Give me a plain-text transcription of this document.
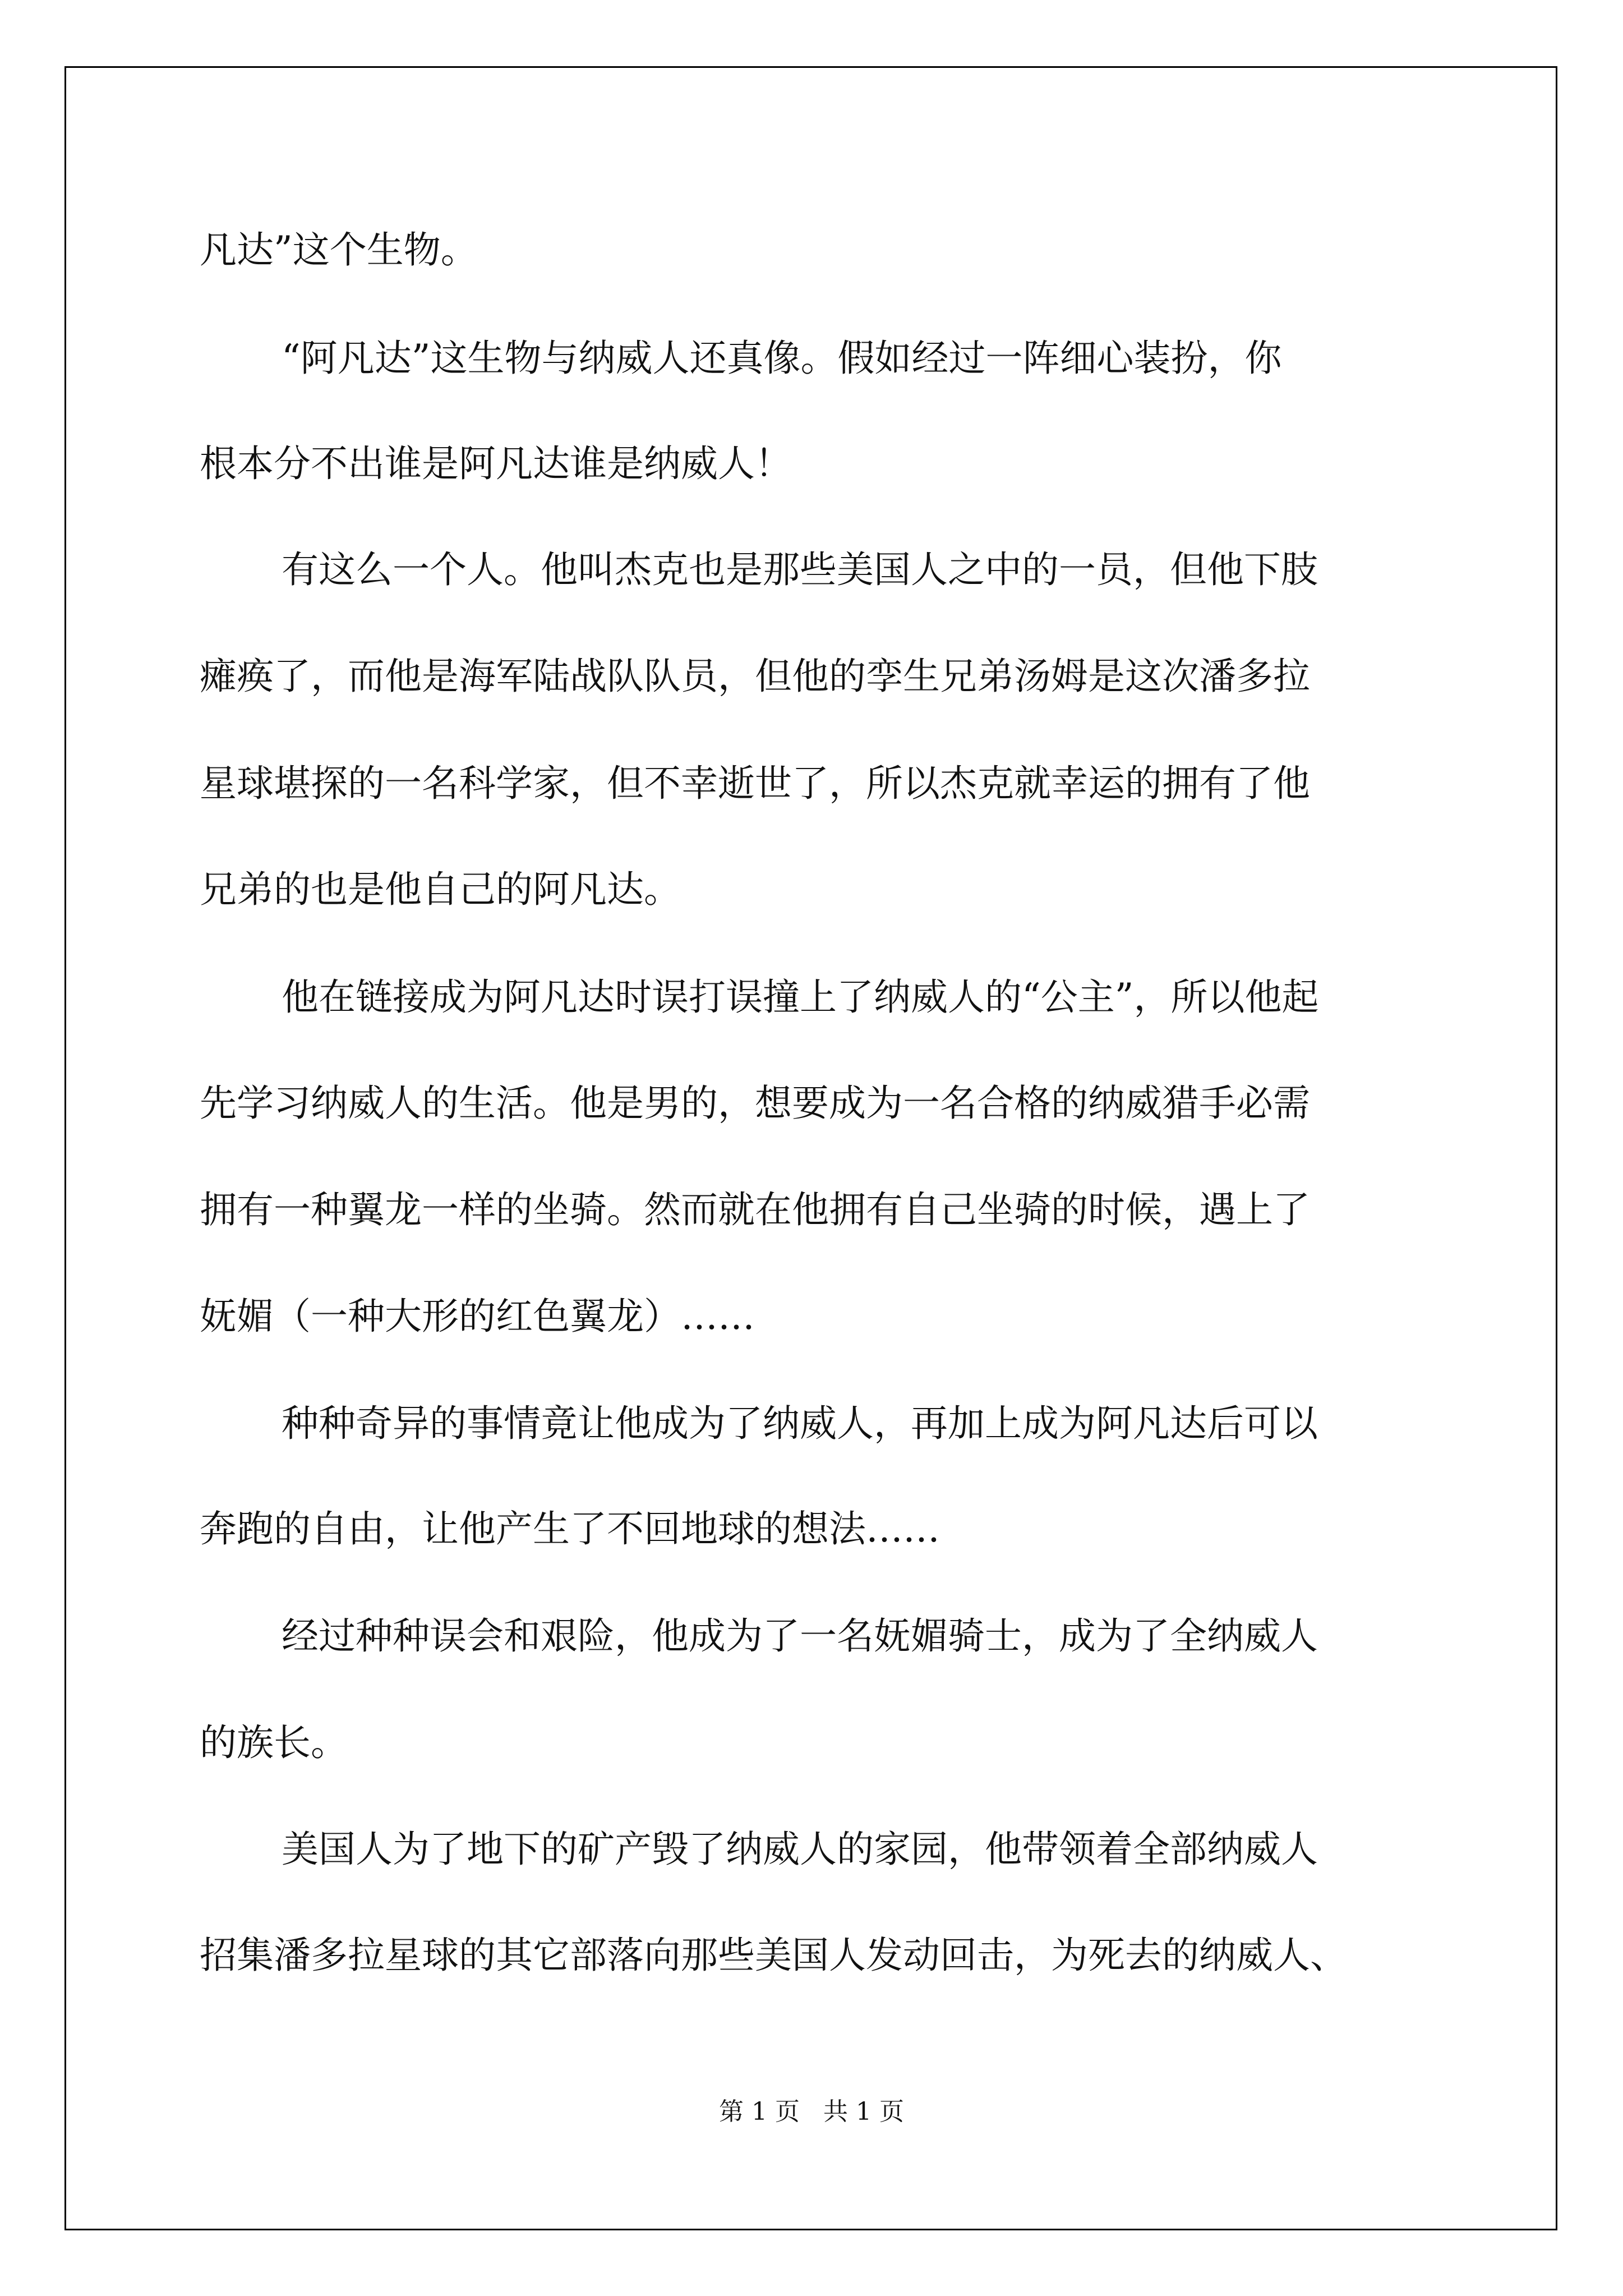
凡达”这个生物。

“阿凡达”这生物与纳威人还真像。假如经过一阵细心装扮，你

根本分不出谁是阿凡达谁是纳威人！

有这么一个人。他叫杰克也是那些美国人之中的一员，但他下肢

瘫痪了，而他是海军陆战队队员，但他的孪生兄弟汤姆是这次潘多拉

星球堪探的一名科学家，但不幸逝世了，所以杰克就幸运的拥有了他

兄弟的也是他自己的阿凡达。

他在链接成为阿凡达时误打误撞上了纳威人的“公主”，所以他起

先学习纳威人的生活。他是男的，想要成为一名合格的纳威猎手必需

拥有一种翼龙一样的坐骑。然而就在他拥有自己坐骑的时候，遇上了

妩媚（一种大形的红色翼龙）……

种种奇异的事情竟让他成为了纳威人，再加上成为阿凡达后可以

奔跑的自由，让他产生了不回地球的想法……

经过种种误会和艰险，他成为了一名妩媚骑士，成为了全纳威人

的族长。

美国人为了地下的矿产毁了纳威人的家园，他带领着全部纳威人

招集潘多拉星球的其它部落向那些美国人发动回击，为死去的纳威人、

第 1 页   共 1 页
